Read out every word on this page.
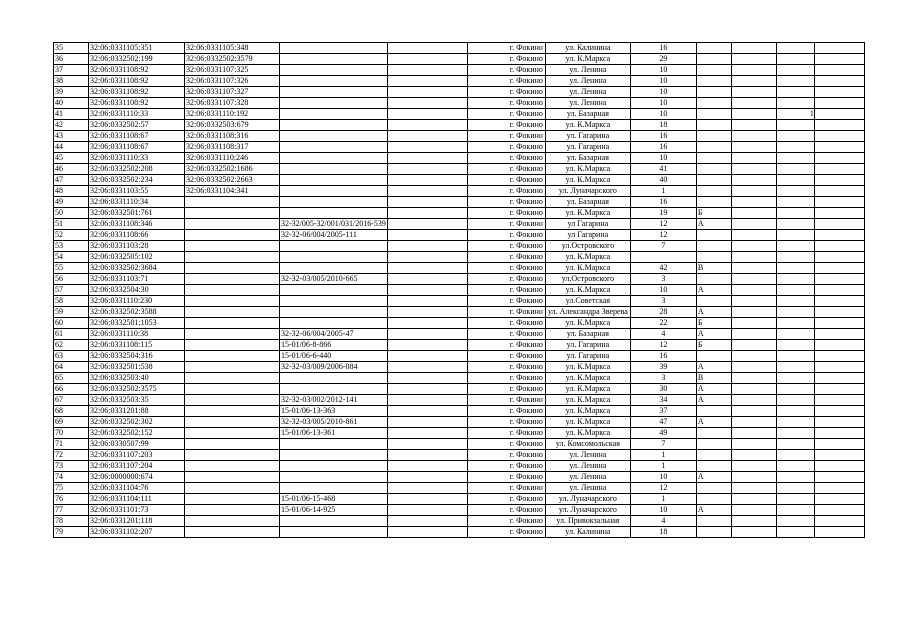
35	32:06:0331105:351	32:06:0331105:348			г. Фокино	ул. Калинина	16				
36	32:06:0332502:199	32:06:0332502:3579			г. Фокино	ул. К.Маркса	29				
37	32:06:0331108:92	32:06:0331107:325			г. Фокино	ул. Ленина	10				
38	32:06:0331108:92	32:06:0331107:326			г. Фокино	ул. Ленина	10				
39	32:06:0331108:92	32:06:0331107:327			г. Фокино	ул. Ленина	10				
40	32:06:0331108:92	32:06:0331107:328			г. Фокино	ул. Ленина	10				
41	32:06:0331110:33	32:06:0331110:192			г. Фокино	ул. Базарная	10			1	
42	32:06:0332502:57	32:06:0332503:679			г. Фокино	ул. К.Маркса	18				
43	32:06:0331108:67	32:06:0331108:316			г. Фокино	ул. Гагарина	16				
44	32:06:0331108:67	32:06:0331108:317			г. Фокино	ул. Гагарина	16				
45	32:06:0331110:33	32:06:0331110:246			г. Фокино	ул. Базарная	10				
46	32:06:0332502:208	32:06:0332502:1686			г. Фокино	ул. К.Маркса	41				
47	32:06:0332502:234	32:06:0332502:2663			г. Фокино	ул. К.Маркса	40				
48	32:06:0331103:55	32:06:0331104:341			г. Фокино	ул. Луначарского	1				
49	32:06:0331110:34				г. Фокино	ул. Базарная	16				
50	32:06:0332501:761				г. Фокино	ул. К.Маркса	19	Б			
51	32:06:0331108:346		32-32/005-32/001/031/2016-539		г. Фокино	ул Гагарина	12	А			
52	32:06:0331108:66		32-32-06/004/2005-111		г. Фокино	ул Гагарина	12				
53	32:06:0331103:28				г. Фокино	ул.Островского	7				
54	32:06:0332505:102				г. Фокино	ул. К.Маркса					
55	32:06:0332502:3684				г. Фокино	ул. К.Маркса	42	В			
56	32:06:0331103:71		32-32-03/005/2010-665		г. Фокино	ул.Островского	3				
57	32:06:0332504:30				г. Фокино	ул. К.Маркса	10	А			
58	32:06:0331110:230				г. Фокино	ул.Советская	3				
59	32:06:0332502:3588				г. Фокино	ул. Александра Зверева	28	А			
60	32:06:0332501:1053				г. Фокино	ул. К.Маркса	22	Б			
61	32:06:0331110:38		32-32-06/004/2005-47		г. Фокино	ул. Базарная	4	А			
62	32:06:0331108:115		15-01/06-8-866		г. Фокино	ул. Гагарина	12	Б			
63	32:06:0332504:316		15-01/06-6-440		г. Фокино	ул. Гагарина	16				
64	32:06:0332501:538		32-32-03/009/2006-084		г. Фокино	ул. К.Маркса	39	А			
65	32:06:0332503:40				г. Фокино	ул. К.Маркса	3	В			
66	32:06:0332502:3575				г. Фокино	ул. К.Маркса	30	А			
67	32:06:0332503:35		32-32-03/002/2012-141		г. Фокино	ул. К.Маркса	34	А			
68	32:06:0331201:88		15-01/06-13-363		г. Фокино	ул. К.Маркса	37				
69	32:06:0332502:302		32-32-03/005/2010-861		г. Фокино	ул. К.Маркса	47	А			
70	32:06:0332502:152		15-01/06-13-361		г. Фокино	ул. К.Маркса	49				
71	32:06:0330507:99				г. Фокино	ул. Комсомольская	7				
72	32:06:0331107:203				г. Фокино	ул. Ленина	1				
73	32:06:0331107:204				г. Фокино	ул. Ленина	1				
74	32:06:0000000:674				г. Фокино	ул. Ленина	10	А			
75	32:06:0331104:76				г. Фокино	ул. Ленина	12				
76	32:06:0331104:111		15-01/06-15-468		г. Фокино	ул. Луначарского	1				
77	32:06:0331101:73		15-01/06-14-925		г. Фокино	ул. Луначарского	10	А			
78	32:06:0331201:118				г. Фокино	ул. Привокзальная	4				
79	32:06:0331102:207				г. Фокино	ул. Калинина	18				
